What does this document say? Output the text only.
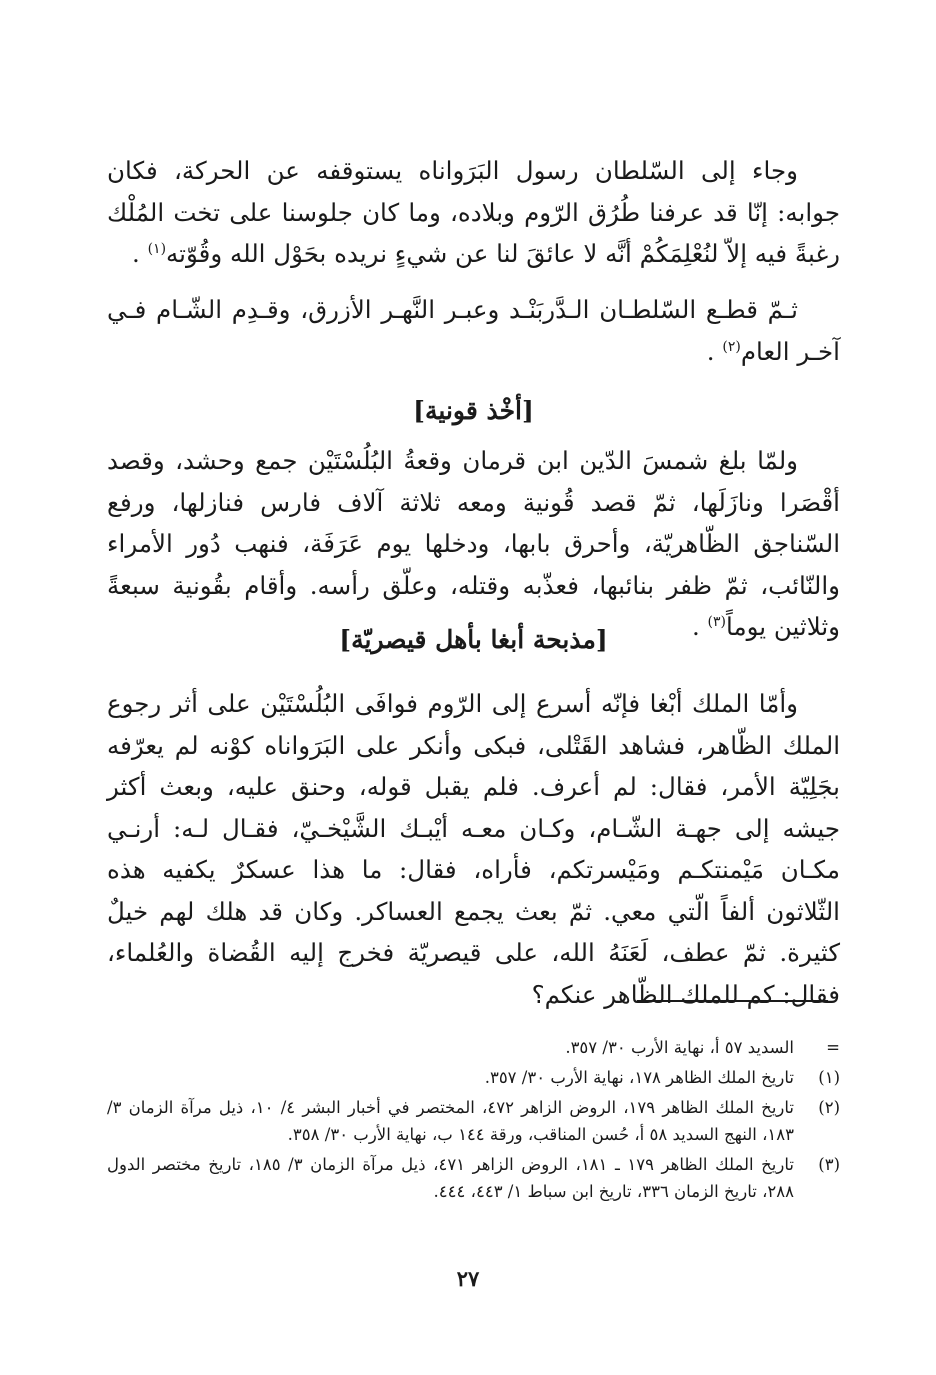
وجاء إلى السّلطان رسول البَرَواناه يستوقفه عن الحركة، فكان جوابه: إنّا قد عرفنا طُرُق الرّوم وبلاده، وما كان جلوسنا على تخت المُلْك رغبةً فيه إلاّ لنُعْلِمَكُمْ أنَّه لا عائقَ لنا عن شيءٍ نريده بحَوْل الله وقُوّته$^{(١)}$ .

ثـمّ قطـع السّلطـان الـدَّربَنْـد وعبـر النَّهـر الأزرق، وقـدِم الشّـام فـي آخـر العام$^{(٢)}$ .

[أخْذ قونية]

ولمّا بلغ شمسَ الدّين ابن قرمان وقعةُ البُلُسْتَيْن جمع وحشد، وقصد أقْصَرا ونازَلَها، ثمّ قصد قُونية ومعه ثلاثة آلاف فارس فنازلها، ورفع السّناجق الظّاهريّة، وأحرق بابها، ودخلها يوم عَرَفَة، فنهب دُور الأمراء والنّائب، ثمّ ظفر بنائبها، فعذّبه وقتله، وعلّق رأسه. وأقام بقُونية سبعةً وثلاثين يوماً$^{(٣)}$ .

[مذبحة أبغا بأهل قيصريّة]

وأمّا الملك أبْغا فإنّه أسرع إلى الرّوم فوافَى البُلُسْتَيْن على أثر رجوع الملك الظّاهر، فشاهد القَتْلى، فبكى وأنكر على البَرَواناه كوْنه لم يعرّفه بجَلِيّة الأمر، فقال: لم أعرف. فلم يقبل قوله، وحنق عليه، وبعث أكثر جيشه إلى جهـة الشّـام، وكـان معـه أيْبـك الشَّيْخـيّ، فقـال لـه: أرنـي مكـان مَيْمنتكـم ومَيْسرتكم، فأراه، فقال: ما هذا عسكرٌ يكفيه هذه الثّلاثون ألفاً الّتي معي. ثمّ بعث يجمع العساكر. وكان قد هلك لهم خيلٌ كثيرة. ثمّ عطف، لَعَنَهُ الله، على قيصريّة فخرج إليه القُضاة والعُلماء، فقال: كم للملك الظّاهر عنكم؟

=
السديد ٥٧ أ، نهاية الأرب ٣٠/ ٣٥٧.
(١)
تاريخ الملك الظاهر ١٧٨، نهاية الأرب ٣٠/ ٣٥٧.
(٢)
تاريخ الملك الظاهر ١٧٩، الروض الزاهر ٤٧٢، المختصر في أخبار البشر ٤/ ١٠، ذيل مرآة الزمان ٣/ ١٨٣، النهج السديد ٥٨ أ، حُسن المناقب، ورقة ١٤٤ ب، نهاية الأرب ٣٠/ ٣٥٨.
(٣)
تاريخ الملك الظاهر ١٧٩ ـ ١٨١، الروض الزاهر ٤٧١، ذيل مرآة الزمان ٣/ ١٨٥، تاريخ مختصر الدول ٢٨٨، تاريخ الزمان ٣٣٦، تاريخ ابن سباط ١/ ٤٤٣، ٤٤٤.
٢٧
